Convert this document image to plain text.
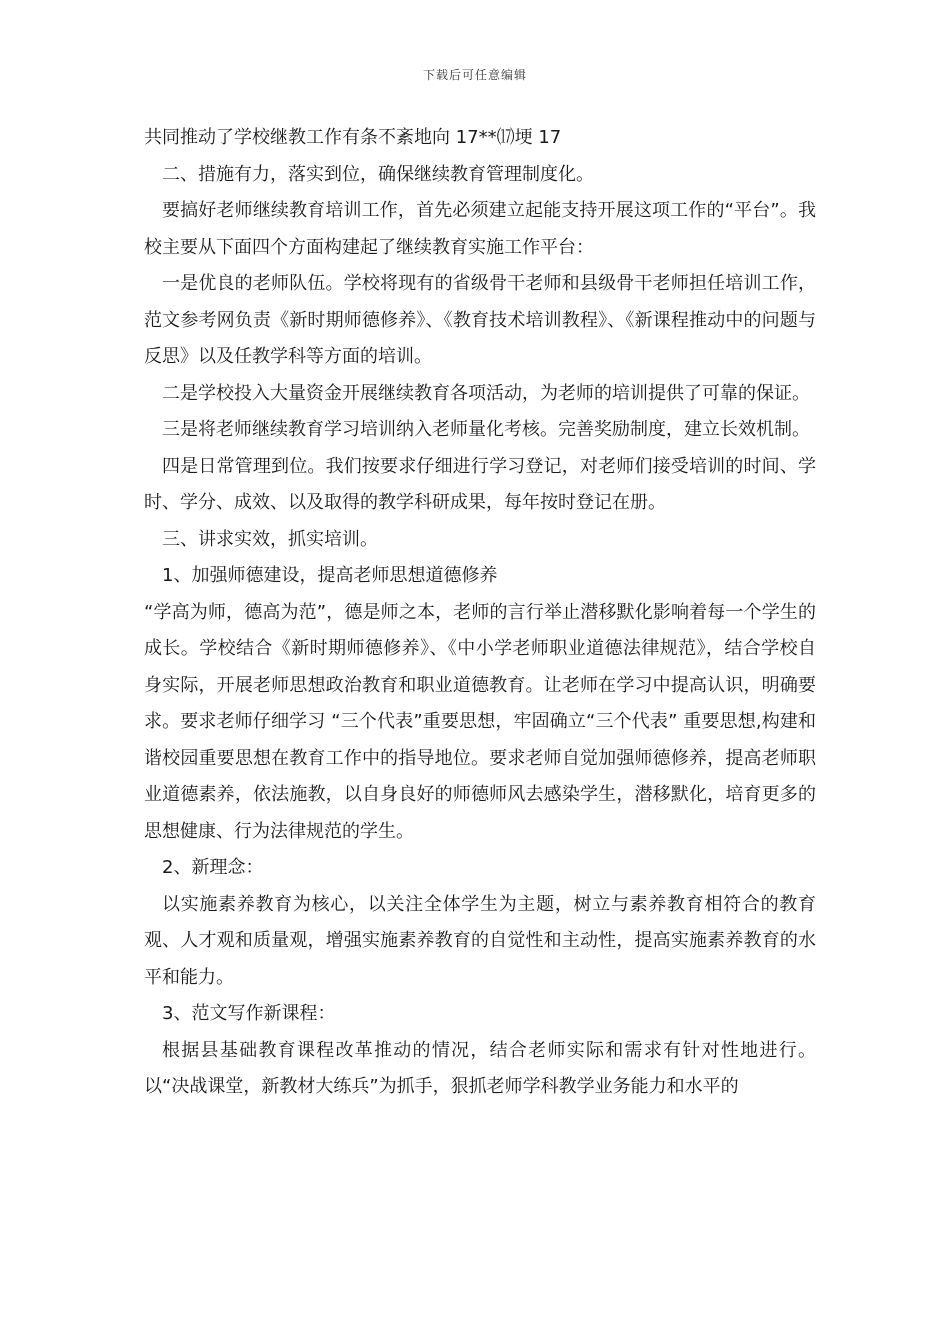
下载后可任意编辑

共同推动了学校继教工作有条不紊地向 17**⒄埂 17

二、措施有力，落实到位，确保继续教育管理制度化。

要搞好老师继续教育培训工作，首先必须建立起能支持开展这项工作的“平台”。我校主要从下面四个方面构建起了继续教育实施工作平台：

一是优良的老师队伍。学校将现有的省级骨干老师和县级骨干老师担任培训工作，范文参考网负责《新时期师德修养》、《教育技术培训教程》、《新课程推动中的问题与反思》以及任教学科等方面的培训。

二是学校投入大量资金开展继续教育各项活动，为老师的培训提供了可靠的保证。

三是将老师继续教育学习培训纳入老师量化考核。完善奖励制度，建立长效机制。

四是日常管理到位。我们按要求仔细进行学习登记，对老师们接受培训的时间、学时、学分、成效、以及取得的教学科研成果，每年按时登记在册。

三、讲求实效，抓实培训。

1、加强师德建设，提高老师思想道德修养

“学高为师，德高为范”，德是师之本，老师的言行举止潜移默化影响着每一个学生的成长。学校结合《新时期师德修养》、《中小学老师职业道德法律规范》，结合学校自身实际，开展老师思想政治教育和职业道德教育。让老师在学习中提高认识，明确要求。要求老师仔细学习 “三个代表”重要思想，牢固确立“三个代表” 重要思想,构建和谐校园重要思想在教育工作中的指导地位。要求老师自觉加强师德修养，提高老师职业道德素养，依法施教，以自身良好的师德师风去感染学生，潜移默化，培育更多的思想健康、行为法律规范的学生。

2、新理念：

以实施素养教育为核心，以关注全体学生为主题，树立与素养教育相符合的教育观、人才观和质量观，增强实施素养教育的自觉性和主动性，提高实施素养教育的水平和能力。

3、范文写作新课程：

根据县基础教育课程改革推动的情况，结合老师实际和需求有针对性地进行。以“决战课堂，新教材大练兵”为抓手，狠抓老师学科教学业务能力和水平的
